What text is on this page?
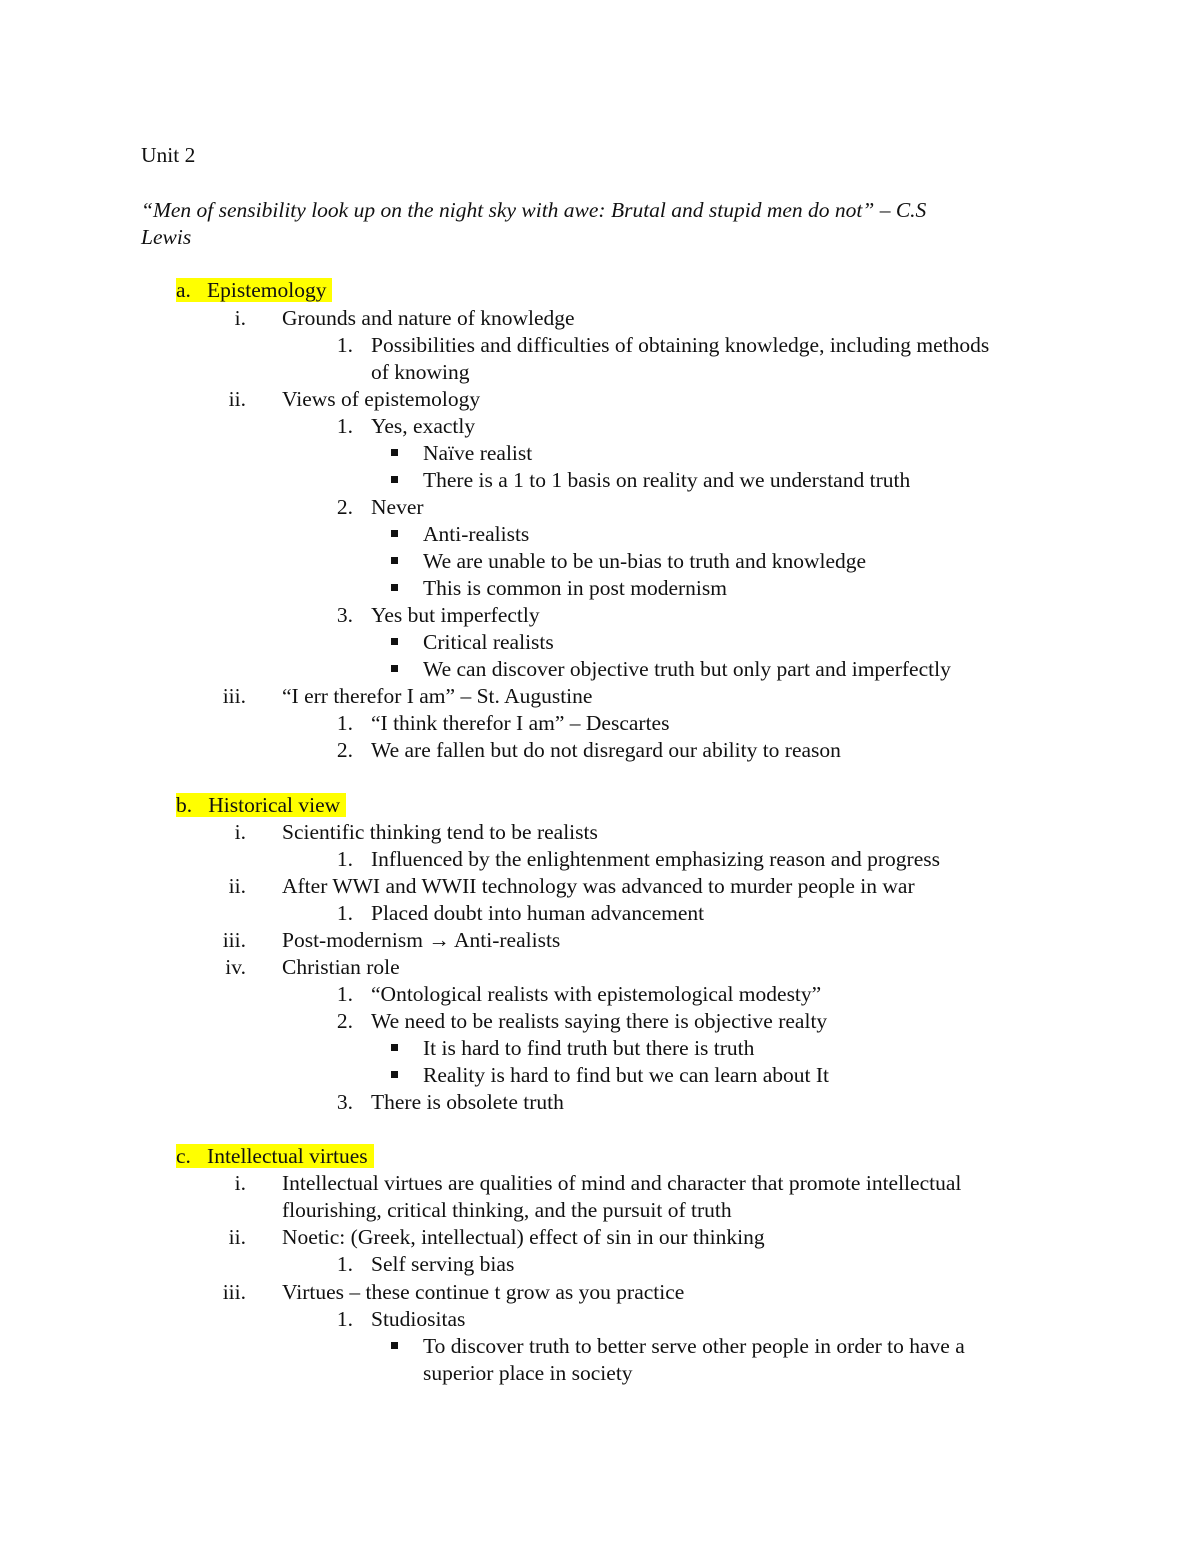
Unit 2
“Men of sensibility look up on the night sky with awe: Brutal and stupid men do not” – C.S
Lewis
a. Epistemology
i. Grounds and nature of knowledge
1. Possibilities and difficulties of obtaining knowledge, including methods
of knowing
ii. Views of epistemology
1. Yes, exactly
Naïve realist
There is a 1 to 1 basis on reality and we understand truth
2. Never
Anti-realists
We are unable to be un-bias to truth and knowledge
This is common in post modernism
3. Yes but imperfectly
Critical realists
We can discover objective truth but only part and imperfectly
iii. “I err therefor I am” – St. Augustine
1. “I think therefor I am” – Descartes
2. We are fallen but do not disregard our ability to reason
b. Historical view
i. Scientific thinking tend to be realists
1. Influenced by the enlightenment emphasizing reason and progress
ii. After WWI and WWII technology was advanced to murder people in war
1. Placed doubt into human advancement
iii. Post-modernism → Anti-realists
iv. Christian role
1. “Ontological realists with epistemological modesty”
2. We need to be realists saying there is objective realty
It is hard to find truth but there is truth
Reality is hard to find but we can learn about It
3. There is obsolete truth
c. Intellectual virtues
i. Intellectual virtues are qualities of mind and character that promote intellectual
flourishing, critical thinking, and the pursuit of truth
ii. Noetic: (Greek, intellectual) effect of sin in our thinking
1. Self serving bias
iii. Virtues – these continue t grow as you practice
1. Studiositas
To discover truth to better serve other people in order to have a
superior place in society
